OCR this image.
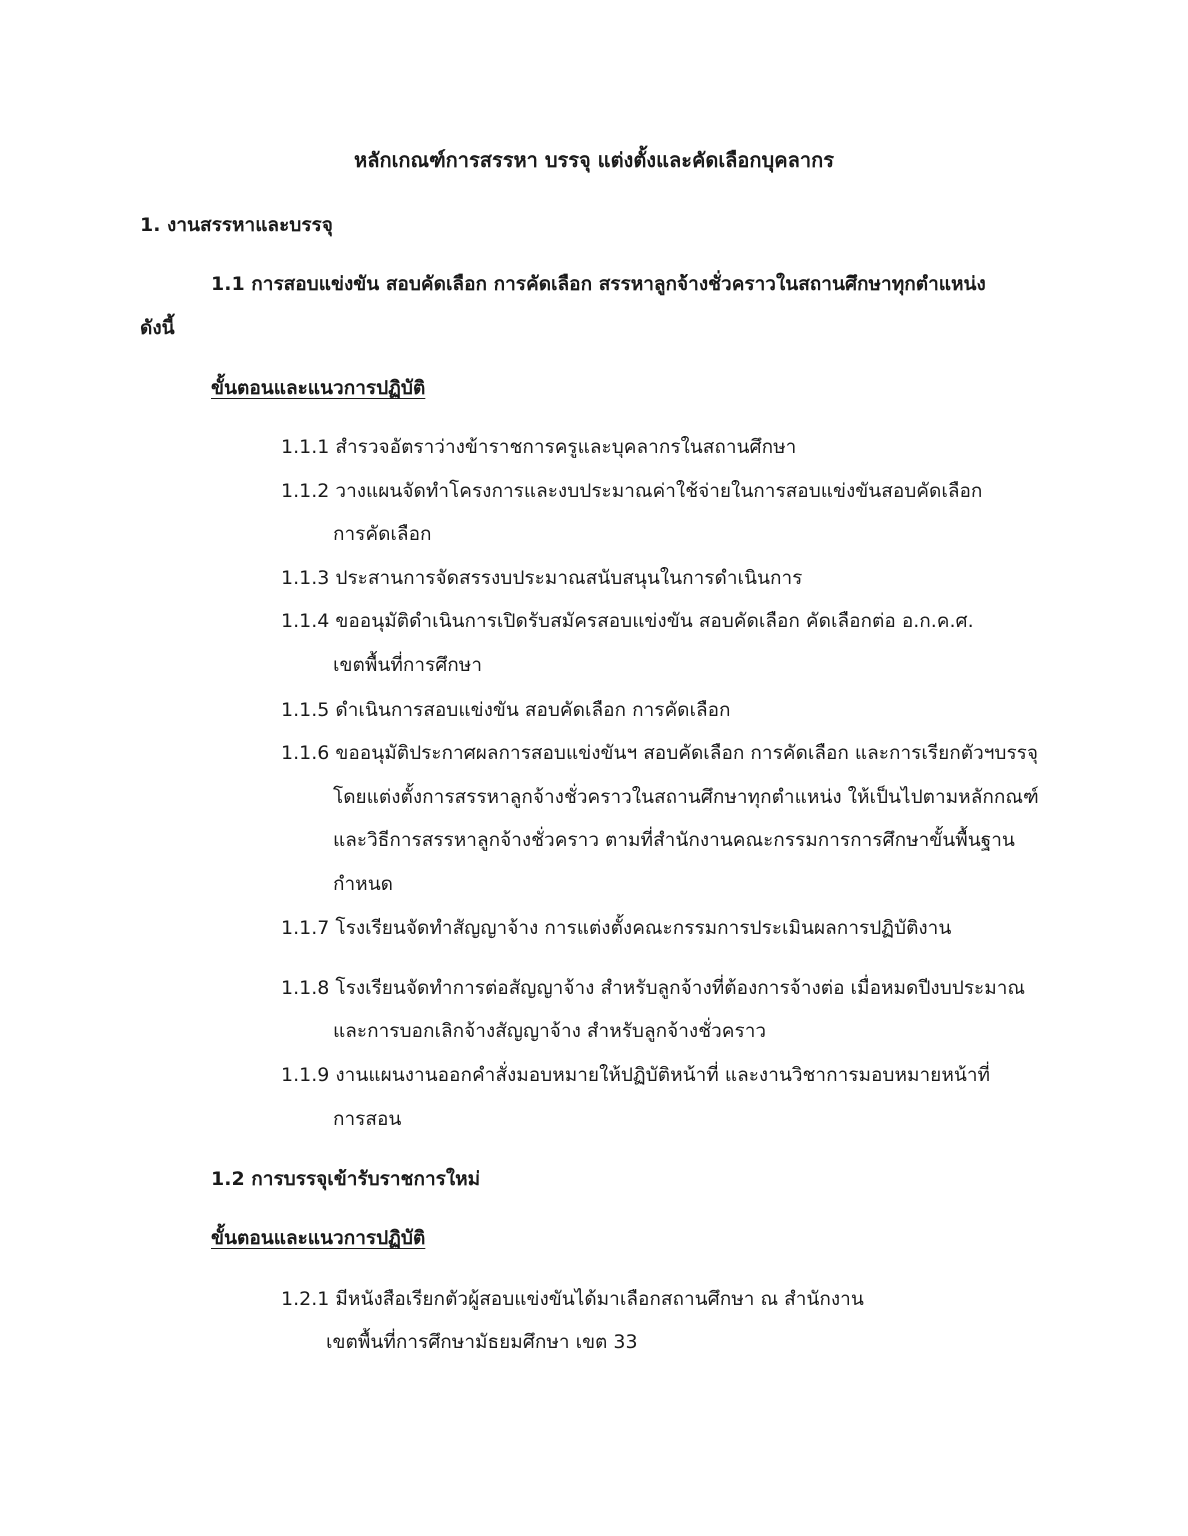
หลักเกณฑ์การสรรหา บรรจุ แต่งตั้งและคัดเลือกบุคลากร
1. งานสรรหาและบรรจุ
1.1 การสอบแข่งขัน สอบคัดเลือก การคัดเลือก สรรหาลูกจ้างชั่วคราวในสถานศึกษาทุกตำแหน่ง
ดังนี้
ขั้นตอนและแนวการปฏิบัติ
1.1.1 สำรวจอัตราว่างข้าราชการครูและบุคลากรในสถานศึกษา
1.1.2 วางแผนจัดทำโครงการและงบประมาณค่าใช้จ่ายในการสอบแข่งขันสอบคัดเลือก
การคัดเลือก
1.1.3 ประสานการจัดสรรงบประมาณสนับสนุนในการดำเนินการ
1.1.4 ขออนุมัติดำเนินการเปิดรับสมัครสอบแข่งขัน สอบคัดเลือก คัดเลือกต่อ อ.ก.ค.ศ.
เขตพื้นที่การศึกษา
1.1.5 ดำเนินการสอบแข่งขัน สอบคัดเลือก การคัดเลือก
1.1.6 ขออนุมัติประกาศผลการสอบแข่งขันฯ สอบคัดเลือก การคัดเลือก และการเรียกตัวฯบรรจุ
โดยแต่งตั้งการสรรหาลูกจ้างชั่วคราวในสถานศึกษาทุกตำแหน่ง ให้เป็นไปตามหลักกณฑ์
และวิธีการสรรหาลูกจ้างชั่วคราว ตามที่สำนักงานคณะกรรมการการศึกษาขั้นพื้นฐาน
กำหนด
1.1.7 โรงเรียนจัดทำสัญญาจ้าง การแต่งตั้งคณะกรรมการประเมินผลการปฏิบัติงาน
1.1.8 โรงเรียนจัดทำการต่อสัญญาจ้าง สำหรับลูกจ้างที่ต้องการจ้างต่อ เมื่อหมดปีงบประมาณ
และการบอกเลิกจ้างสัญญาจ้าง สำหรับลูกจ้างชั่วคราว
1.1.9 งานแผนงานออกคำสั่งมอบหมายให้ปฏิบัติหน้าที่ และงานวิชาการมอบหมายหน้าที่
การสอน
1.2 การบรรจุเข้ารับราชการใหม่
ขั้นตอนและแนวการปฏิบัติ
1.2.1 มีหนังสือเรียกตัวผู้สอบแข่งขันได้มาเลือกสถานศึกษา ณ สำนักงาน
เขตพื้นที่การศึกษามัธยมศึกษา เขต 33
